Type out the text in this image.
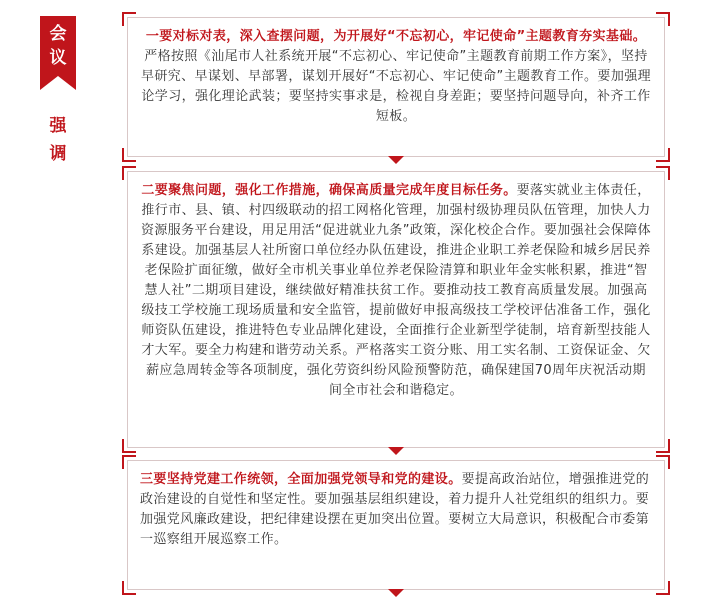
会
议
强
调

一要对标对表，深入查摆问题，为开展好“不忘初心，牢记使命”主题教育夯实基础。严格按照《汕尾市人社系统开展“不忘初心、牢记使命”主题教育前期工作方案》，坚持早研究、早谋划、早部署，谋划开展好“不忘初心、牢记使命”主题教育工作。要加强理论学习，强化理论武装；要坚持实事求是，检视自身差距；要坚持问题导向，补齐工作短板。

二要聚焦问题，强化工作措施，确保高质量完成年度目标任务。要落实就业主体责任，推行市、县、镇、村四级联动的招工网格化管理，加强村级协理员队伍管理，加快人力资源服务平台建设，用足用活“促进就业九条”政策，深化校企合作。要加强社会保障体系建设。加强基层人社所窗口单位经办队伍建设，推进企业职工养老保险和城乡居民养老保险扩面征缴，做好全市机关事业单位养老保险清算和职业年金实帐积累，推进“智慧人社”二期项目建设，继续做好精准扶贫工作。要推动技工教育高质量发展。加强高级技工学校施工现场质量和安全监管，提前做好申报高级技工学校评估准备工作，强化师资队伍建设，推进特色专业品牌化建设，全面推行企业新型学徒制，培育新型技能人才大军。要全力构建和谐劳动关系。严格落实工资分账、用工实名制、工资保证金、欠薪应急周转金等各项制度，强化劳资纠纷风险预警防范，确保建国70周年庆祝活动期间全市社会和谐稳定。

三要坚持党建工作统领，全面加强党领导和党的建设。要提高政治站位，增强推进党的政治建设的自觉性和坚定性。要加强基层组织建设，着力提升人社党组织的组织力。要加强党风廉政建设，把纪律建设摆在更加突出位置。要树立大局意识，积极配合市委第一巡察组开展巡察工作。
